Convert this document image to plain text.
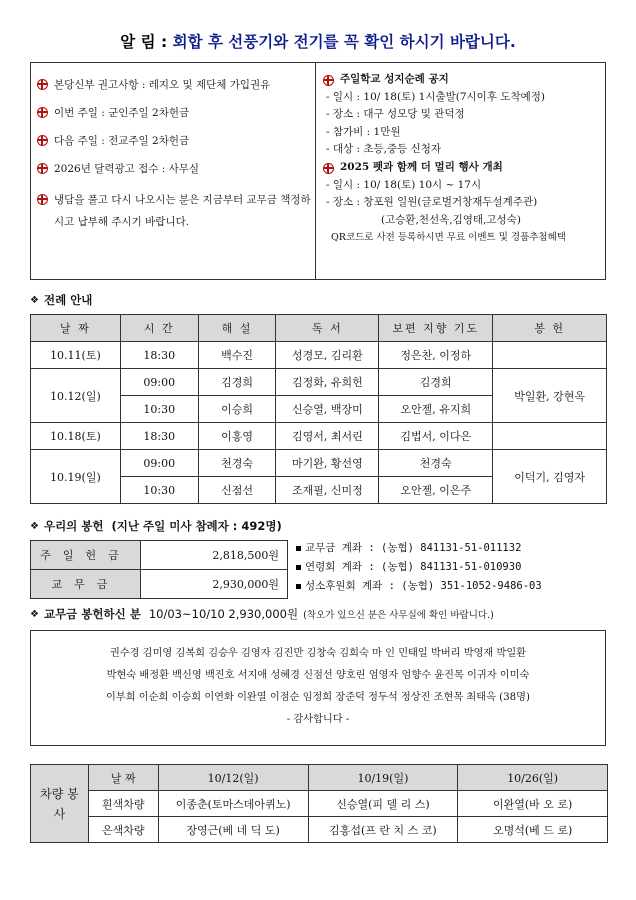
알 림 : 회합 후 선풍기와 전기를 꼭 확인 하시기 바랍니다.
본당신부 권고사항 : 레지오 및 제단체 가입권유
이번 주일 : 군인주일 2차헌금
다음 주일 : 전교주일 2차헌금
2026년 달력광고 접수 : 사무실
냉담을 풀고 다시 나오시는 분은 지금부터 교무금 책정하시고 납부해 주시기 바랍니다.
주일학교 성지순례 공지
- 일시 : 10/ 18(토) 1시출발(7시이후 도착예정)
- 장소 : 대구 성모당 및 관덕정
- 참가비 : 1만원
- 대상 : 초등,중등 신청자
2025 펫과 함께 더 멀리 행사 개최
- 일시 : 10/ 18(토) 10시 ~ 17시
- 장소 : 창포원 일원(글로벌거창재두설계주관)
(고승환,천선옥,김영태,고성숙)
QR코드로 사전 등록하시면 무료 이벤트 및 경품추첨혜택
❖ 전례 안내
날 짜	시 간	해 설	독 서	보편 지향 기도	봉 헌
10.11(토)	18:30	백수진	성경모, 김리환	정은찬, 이정하	
10.12(일)	09:00	김경희	김정화, 유희헌	김경희	박일환, 강현옥
	10:30	이승희	신승열, 백장미	오안젤, 유지희	
10.18(토)	18:30	이홍영	김영서, 최서린	김법서, 이다은	
10.19(일)	09:00	천경숙	마기완, 황선영	천경숙	이덕기, 김영자
	10:30	신점선	조재필, 신미정	오안젤, 이은주	
❖ 우리의 봉헌 (지난 주일 미사 참례자 : 492명)
주일헌금	2,818,500원
교무금	2,930,000원
교무금 계좌 : (농협) 841131-51-011132
연령회 계좌 : (농협) 841131-51-010930
성소후원회 계좌 : (농협) 351-1052-9486-03
❖ 교무금 봉헌하신 분 10/03~10/10 2,930,000원 (착오가 있으신 분은 사무실에 확인 바랍니다.)
권수경 김미영 김복희 김승우 김영자 김진만 김창숙 김희숙 마 인 민태일 박버리 박영재 박일환
박현숙 배정환 백신영 백진호 서지애 성혜경 신점선 양호린 엄영자 엄향수 윤진목 이귀자 이미숙
이부희 이순희 이승희 이연화 이완열 이점순 임정희 장준덕 정두석 정상진 조현목 최태옥 (38명)
- 감사합니다 -
차량 봉사	날 짜	10/12(일)	10/19(일)	10/26(일)
	흰색차량	이종춘(토마스데아퀴노)	신승열(피 델 리 스)	이완열(바 오 로)
	은색차량	장영근(베 네 딕 도)	김홍섭(프 란 치 스 코)	오명석(베 드 로)
